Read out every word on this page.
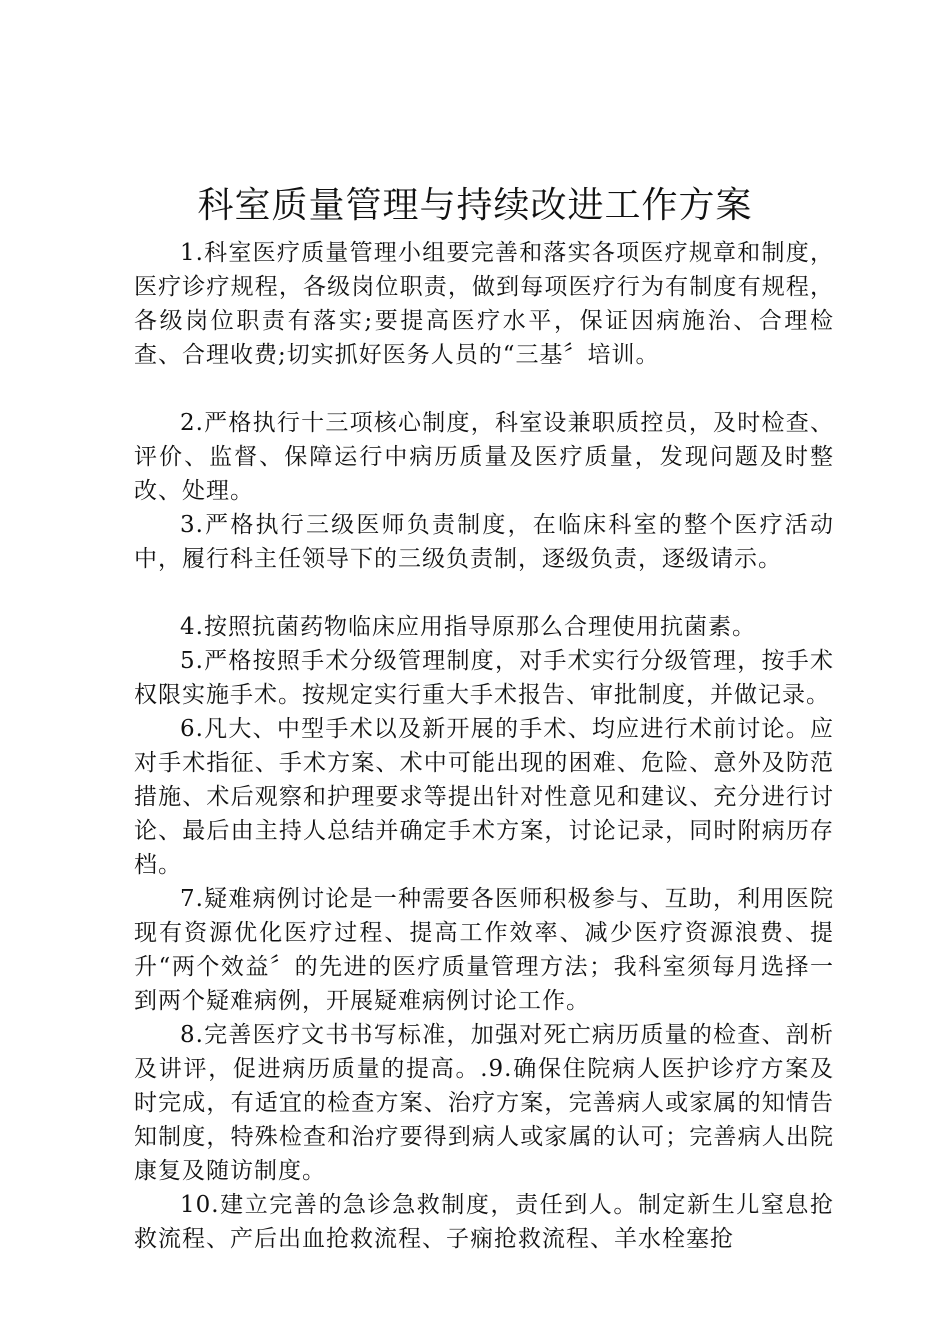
科室质量管理与持续改进工作方案

1.科室医疗质量管理小组要完善和落实各项医疗规章和制度，医疗诊疗规程，各级岗位职责，做到每项医疗行为有制度有规程，各级岗位职责有落实;要提高医疗水平，保证因病施治、合理检查、合理收费;切实抓好医务人员的“三基〞培训。

2.严格执行十三项核心制度，科室设兼职质控员，及时检查、评价、监督、保障运行中病历质量及医疗质量，发现问题及时整改、处理。

3.严格执行三级医师负责制度，在临床科室的整个医疗活动中，履行科主任领导下的三级负责制，逐级负责，逐级请示。

4.按照抗菌药物临床应用指导原那么合理使用抗菌素。

5.严格按照手术分级管理制度，对手术实行分级管理，按手术权限实施手术。按规定实行重大手术报告、审批制度，并做记录。

6.凡大、中型手术以及新开展的手术、均应进行术前讨论。应对手术指征、手术方案、术中可能出现的困难、危险、意外及防范措施、术后观察和护理要求等提出针对性意见和建议、充分进行讨论、最后由主持人总结并确定手术方案，讨论记录，同时附病历存档。

7.疑难病例讨论是一种需要各医师积极参与、互助，利用医院现有资源优化医疗过程、提高工作效率、减少医疗资源浪费、提升“两个效益〞的先进的医疗质量管理方法；我科室须每月选择一到两个疑难病例，开展疑难病例讨论工作。

8.完善医疗文书书写标准，加强对死亡病历质量的检查、剖析及讲评，促进病历质量的提高。.9.确保住院病人医护诊疗方案及时完成，有适宜的检查方案、治疗方案，完善病人或家属的知情告知制度，特殊检查和治疗要得到病人或家属的认可；完善病人出院康复及随访制度。

10.建立完善的急诊急救制度，责任到人。制定新生儿窒息抢救流程、产后出血抢救流程、子痫抢救流程、羊水栓塞抢
